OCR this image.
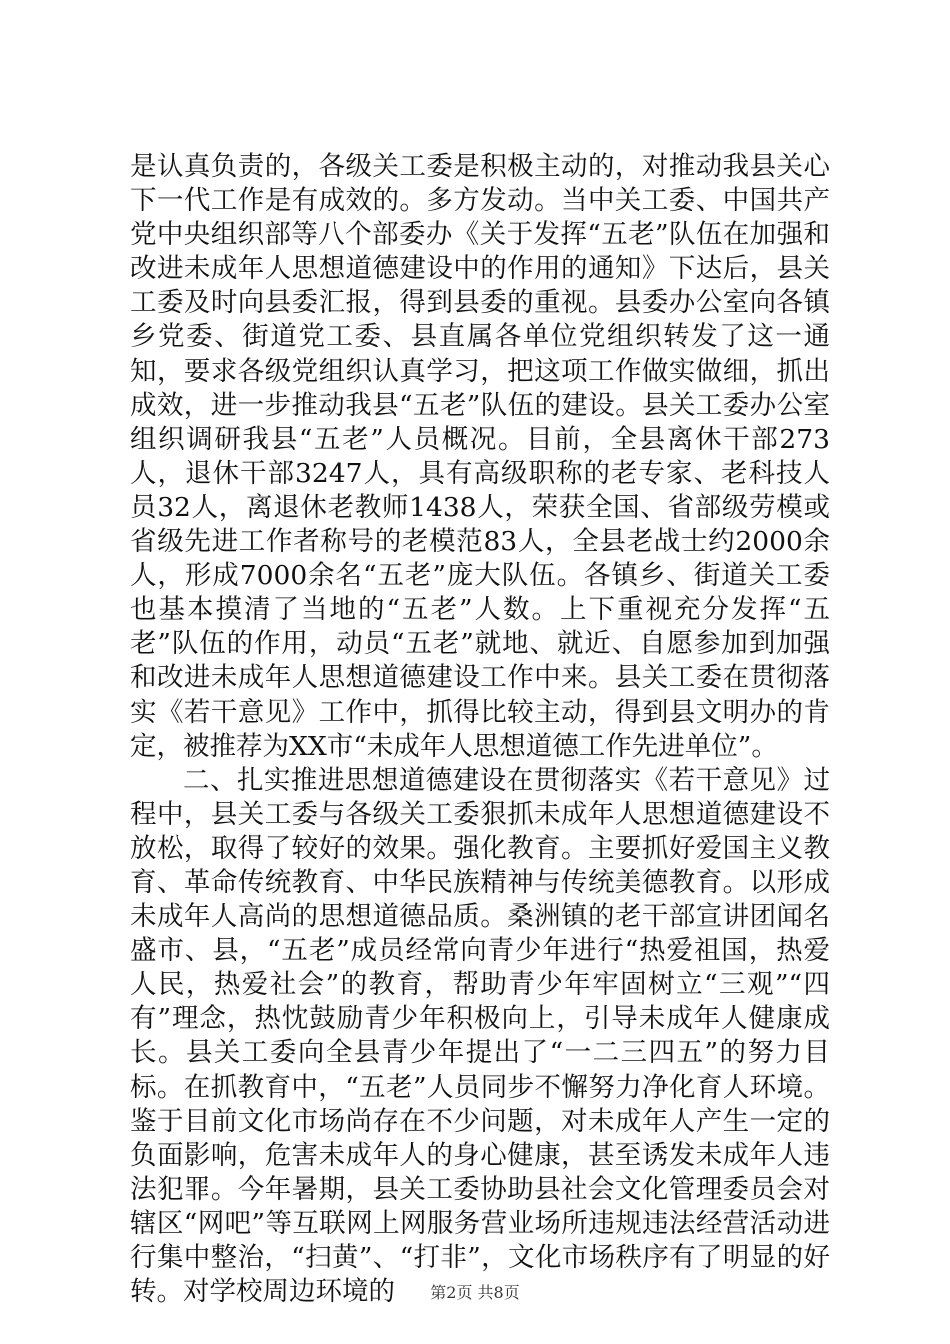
是认真负责的，各级关工委是积极主动的，对推动我县关心下一代工作是有成效的。多方发动。当中关工委、中国共产党中央组织部等八个部委办《关于发挥“五老”队伍在加强和改进未成年人思想道德建设中的作用的通知》下达后，县关工委及时向县委汇报，得到县委的重视。县委办公室向各镇乡党委、街道党工委、县直属各单位党组织转发了这一通知，要求各级党组织认真学习，把这项工作做实做细，抓出成效，进一步推动我县“五老”队伍的建设。县关工委办公室组织调研我县“五老”人员概况。目前，全县离休干部273人，退休干部3247人，具有高级职称的老专家、老科技人员32人，离退休老教师1438人，荣获全国、省部级劳模或省级先进工作者称号的老模范83人，全县老战士约2000余人，形成7000余名“五老”庞大队伍。各镇乡、街道关工委也基本摸清了当地的“五老”人数。上下重视充分发挥“五老”队伍的作用，动员“五老”就地、就近、自愿参加到加强和改进未成年人思想道德建设工作中来。县关工委在贯彻落实《若干意见》工作中，抓得比较主动，得到县文明办的肯定，被推荐为XX市“未成年人思想道德工作先进单位”。

二、扎实推进思想道德建设在贯彻落实《若干意见》过程中，县关工委与各级关工委狠抓未成年人思想道德建设不放松，取得了较好的效果。强化教育。主要抓好爱国主义教育、革命传统教育、中华民族精神与传统美德教育。以形成未成年人高尚的思想道德品质。桑洲镇的老干部宣讲团闻名盛市、县，“五老”成员经常向青少年进行“热爱祖国，热爱人民，热爱社会”的教育，帮助青少年牢固树立“三观”“四有”理念，热忱鼓励青少年积极向上，引导未成年人健康成长。县关工委向全县青少年提出了“一二三四五”的努力目标。在抓教育中，“五老”人员同步不懈努力净化育人环境。鉴于目前文化市场尚存在不少问题，对未成年人产生一定的负面影响，危害未成年人的身心健康，甚至诱发未成年人违法犯罪。今年暑期，县关工委协助县社会文化管理委员会对辖区“网吧”等互联网上网服务营业场所违规违法经营活动进行集中整治，“扫黄”、“打非”，文化市场秩序有了明显的好转。对学校周边环境的	第2页 共8页
